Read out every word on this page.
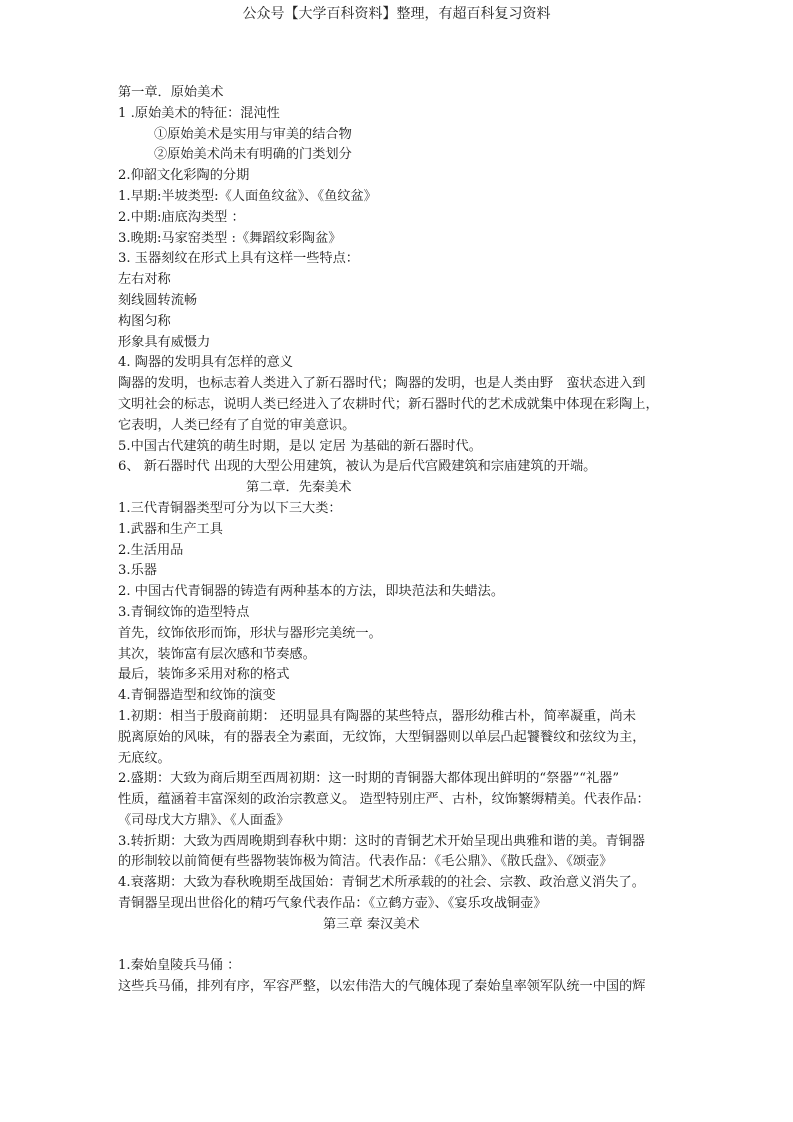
公众号【大学百科资料】整理，有超百科复习资料
第一章．原始美术
1 .原始美术的特征：混沌性
①原始美术是实用与审美的结合物
②原始美术尚未有明确的门类划分
2.仰韶文化彩陶的分期
1.早期:半坡类型:《人面鱼纹盆》、《鱼纹盆》
2.中期:庙底沟类型 ：
3.晚期:马家窑类型 :《舞蹈纹彩陶盆》
3. 玉器刻纹在形式上具有这样一些特点：
左右对称
刻线圆转流畅
构图匀称
形象具有威慑力
4. 陶器的发明具有怎样的意义
陶器的发明，也标志着人类进入了新石器时代；陶器的发明，也是人类由野　蛮状态进入到
文明社会的标志，说明人类已经进入了农耕时代；新石器时代的艺术成就集中体现在彩陶上，
它表明，人类已经有了自觉的审美意识。
5.中国古代建筑的萌生时期，是以 定居 为基础的新石器时代。
6、 新石器时代 出现的大型公用建筑，被认为是后代宫殿建筑和宗庙建筑的开端。
第二章．先秦美术
1.三代青铜器类型可分为以下三大类：
1.武器和生产工具
2.生活用品
3.乐器
2. 中国古代青铜器的铸造有两种基本的方法，即块范法和失蜡法。
3.青铜纹饰的造型特点
首先，纹饰依形而饰，形状与器形完美统一。
其次，装饰富有层次感和节奏感。
最后，装饰多采用对称的格式
4.青铜器造型和纹饰的演变
1.初期：相当于殷商前期： 还明显具有陶器的某些特点，器形幼稚古朴，简率凝重，尚未
脱离原始的风味，有的器表全为素面，无纹饰，大型铜器则以单层凸起饕餮纹和弦纹为主，
无底纹。
2.盛期：大致为商后期至西周初期：这一时期的青铜器大都体现出鲜明的“祭器”“礼器”
性质，蕴涵着丰富深刻的政治宗教意义。 造型特别庄严、古朴，纹饰繁缛精美。代表作品：
《司母戊大方鼎》、《人面盉》
3.转折期：大致为西周晚期到春秋中期：这时的青铜艺术开始呈现出典雅和谐的美。青铜器
的形制较以前简便有些器物装饰极为简洁。代表作品：《毛公鼎》、《散氏盘》、《颂壶》
4.衰落期：大致为春秋晚期至战国始：青铜艺术所承载的的社会、宗教、政治意义消失了。
青铜器呈现出世俗化的精巧气象代表作品：《立鹤方壶》、《宴乐攻战铜壶》
第三章 秦汉美术
1.秦始皇陵兵马俑 ：
这些兵马俑，排列有序，军容严整，以宏伟浩大的气魄体现了秦始皇率领军队统一中国的辉
